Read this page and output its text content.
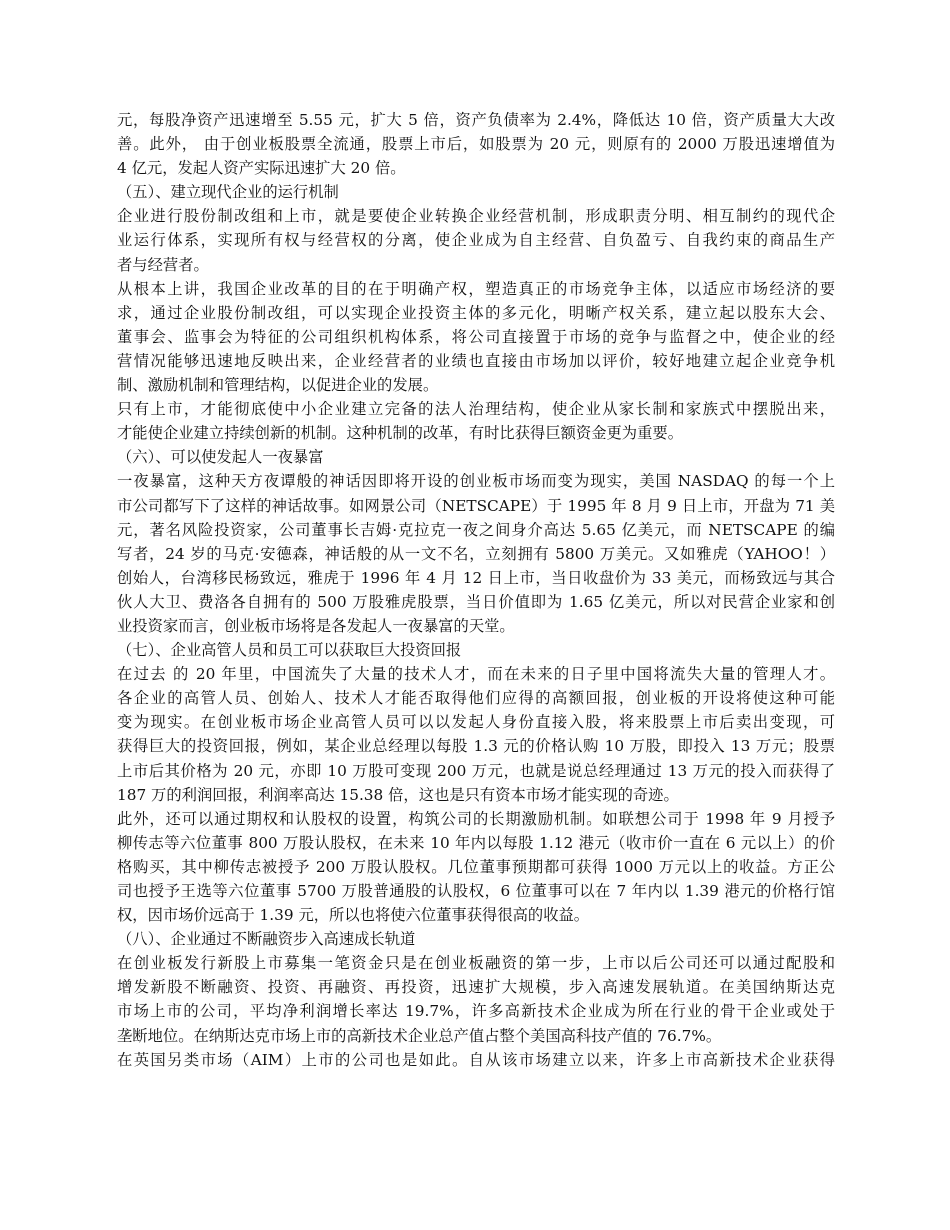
元，每股净资产迅速增至 5.55 元，扩大 5 倍，资产负债率为 2.4%，降低达 10 倍，资产质量大大改
善。此外， 由于创业板股票全流通，股票上市后，如股票为 20 元，则原有的 2000 万股迅速增值为
4 亿元，发起人资产实际迅速扩大 20 倍。
（五）、建立现代企业的运行机制
企业进行股份制改组和上市，就是要使企业转换企业经营机制，形成职责分明、相互制约的现代企
业运行体系，实现所有权与经营权的分离，使企业成为自主经营、自负盈亏、自我约束的商品生产
者与经营者。
从根本上讲，我国企业改革的目的在于明确产权，塑造真正的市场竞争主体，以适应市场经济的要
求，通过企业股份制改组，可以实现企业投资主体的多元化，明晰产权关系，建立起以股东大会、
董事会、监事会为特征的公司组织机构体系，将公司直接置于市场的竞争与监督之中，使企业的经
营情况能够迅速地反映出来，企业经营者的业绩也直接由市场加以评价，较好地建立起企业竞争机
制、激励机制和管理结构，以促进企业的发展。
只有上市，才能彻底使中小企业建立完备的法人治理结构，使企业从家长制和家族式中摆脱出来，
才能使企业建立持续创新的机制。这种机制的改革，有时比获得巨额资金更为重要。
（六）、可以使发起人一夜暴富
一夜暴富，这种天方夜谭般的神话因即将开设的创业板市场而变为现实，美国 NASDAQ 的每一个上
市公司都写下了这样的神话故事。如网景公司（NETSCAPE）于 1995 年 8 月 9 日上市，开盘为 71 美
元，著名风险投资家，公司董事长吉姆·克拉克一夜之间身介高达 5.65 亿美元，而 NETSCAPE 的编
写者，24 岁的马克·安德森，神话般的从一文不名，立刻拥有 5800 万美元。又如雅虎（YAHOO！）
创始人，台湾移民杨致远，雅虎于 1996 年 4 月 12 日上市，当日收盘价为 33 美元，而杨致远与其合
伙人大卫、费洛各自拥有的 500 万股雅虎股票，当日价值即为 1.65 亿美元，所以对民营企业家和创
业投资家而言，创业板市场将是各发起人一夜暴富的天堂。
（七）、企业高管人员和员工可以获取巨大投资回报
在过去 的 20 年里，中国流失了大量的技术人才，而在未来的日子里中国将流失大量的管理人才。
各企业的高管人员、创始人、技术人才能否取得他们应得的高额回报，创业板的开设将使这种可能
变为现实。在创业板市场企业高管人员可以以发起人身份直接入股，将来股票上市后卖出变现，可
获得巨大的投资回报，例如，某企业总经理以每股 1.3 元的价格认购 10 万股，即投入 13 万元；股票
上市后其价格为 20 元，亦即 10 万股可变现 200 万元，也就是说总经理通过 13 万元的投入而获得了
187 万的利润回报，利润率高达 15.38 倍，这也是只有资本市场才能实现的奇迹。
此外，还可以通过期权和认股权的设置，构筑公司的长期激励机制。如联想公司于 1998 年 9 月授予
柳传志等六位董事 800 万股认股权，在未来 10 年内以每股 1.12 港元（收市价一直在 6 元以上）的价
格购买，其中柳传志被授予 200 万股认股权。几位董事预期都可获得 1000 万元以上的收益。方正公
司也授予王选等六位董事 5700 万股普通股的认股权，6 位董事可以在 7 年内以 1.39 港元的价格行馆
权，因市场价远高于 1.39 元，所以也将使六位董事获得很高的收益。
（八）、企业通过不断融资步入高速成长轨道
在创业板发行新股上市募集一笔资金只是在创业板融资的第一步，上市以后公司还可以通过配股和
增发新股不断融资、投资、再融资、再投资，迅速扩大规模，步入高速发展轨道。在美国纳斯达克
市场上市的公司，平均净利润增长率达 19.7%，许多高新技术企业成为所在行业的骨干企业或处于
垄断地位。在纳斯达克市场上市的高新技术企业总产值占整个美国高科技产值的 76.7%。
在英国另类市场（AIM）上市的公司也是如此。自从该市场建立以来，许多上市高新技术企业获得
